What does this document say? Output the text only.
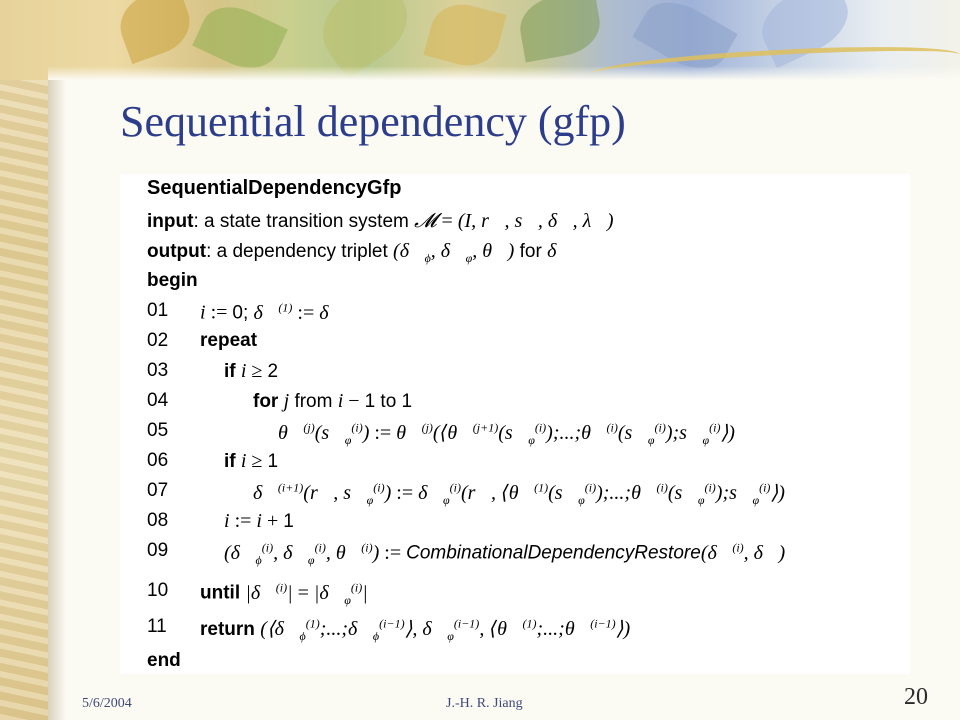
Sequential dependency (gfp)
SequentialDependencyGfp
input: a state transition system 𝓜 = (I, r⃗, s⃗, δ⃗, λ⃗)
output: a dependency triplet ($\delta⃗_\phi$, $\delta⃗_\varphi$, θ⃗) for δ⃗
begin
01	i := 0; δ⃗$^{(1)}$ := δ⃗
02	repeat
03	if i ≥ 2
04	for j from i − 1 to 1
05	$\theta⃗^{(j)}(s⃗_\varphi^{(i)})$ := $\theta⃗^{(j)}(⟨\theta⃗^{(j+1)}(s⃗_\varphi^{(i)});...;\theta⃗^{(i)}(s⃗_\varphi^{(i)});s⃗_\varphi^{(i)}⟩)$
06	if i ≥ 1
07	δ⃗$^{(i+1)}$(r⃗, $s⃗_\varphi^{(i)}$) := $\delta⃗_\varphi^{(i)}(r⃗$, $⟨\theta⃗^{(1)}(s⃗_\varphi^{(i)});...;\theta⃗^{(i)}(s⃗_\varphi^{(i)});s⃗_\varphi^{(i)}⟩$)
08	i := i + 1
09	($\delta⃗_\phi^{(i)}$, $\delta⃗_\varphi^{(i)}$, θ⃗$^{(i)}$) := CombinationalDependencyRestore(δ⃗$^{(i)}$, δ⃗)
10	until |δ⃗$^{(i)}$| = $|\delta⃗_\varphi^{(i)}|$
11	return ($⟨\delta⃗_\phi^{(1)};...;\delta⃗_\phi^{(i-1)}⟩$, $\delta⃗_\varphi^{(i-1)}$, ⟨θ⃗$^{(1)}$;...;θ⃗$^{(i-1)}$⟩)
end
5/6/2004	J.-H. R. Jiang	20
